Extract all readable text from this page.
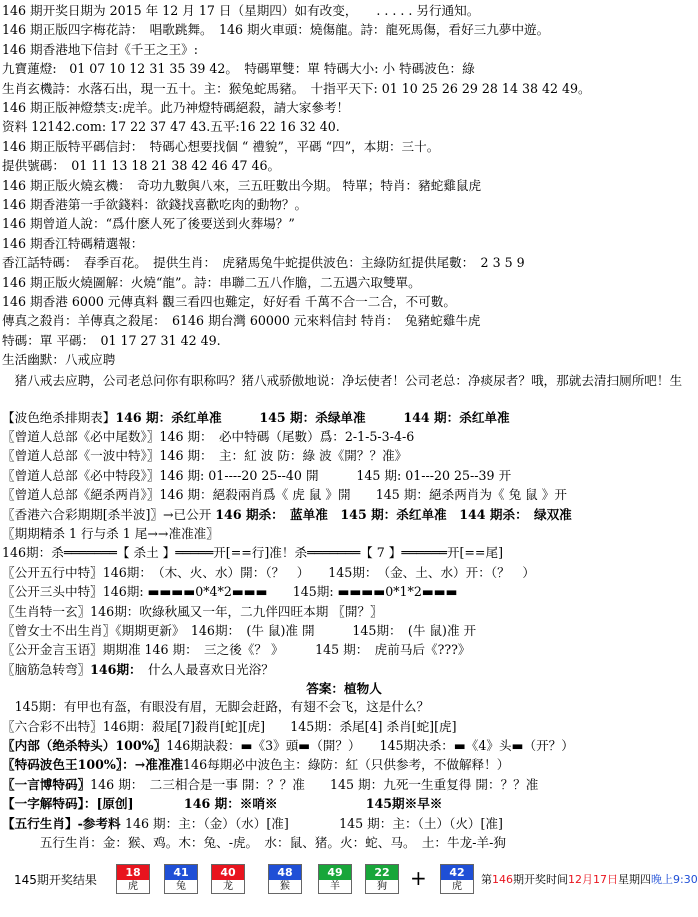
146 期开奖日期为 2015 年 12 月 17 日（星期四）如有改变，　　. . . . . 另行通知。
146 期正版四字梅花詩：　唱歌跳舞。　146 期火車頭：燒傷龍。詩：龍死馬傷，看好三九夢中遊。
146 期香港地下信封《千王之王》:
九寶蓮燈:　01 07 10 12 31 35 39 42。　特碼單雙：單 特碼大小: 小 特碼波色：綠
生肖玄機詩：水落石出，現一五十。主：猴兔蛇馬豬。　十指平天下: 01 10 25 26 29 28 14 38 42 49。
146 期正版神燈禁支:虎羊。此乃神燈特碼絕殺，請大家參考！
资料 12142.com: 17 22 37 47 43.五平:16 22 16 32 40.
146 期正版特平碼信封：　特碼心想要找個 “ 禮貌”，平碼 “四”，本期：三十。
提供號碼：　01 11 13 18 21 38 42 46 47 46。
146 期正版火燒玄機：　奇功九數與八來，三五旺數出今期。 特單；特肖：豬蛇雞鼠虎
146 期香港第一手欲錢料：欲錢找喜歡吃肉的動物？。
146 期曾道人說：“爲什麽人死了後要送到火葬場？”
146 期香江特碼精選報：
香江話特碼：　春季百花。　提供生肖：　虎豬馬兔牛蛇提供波色：主綠防紅提供尾數：　2 3 5 9
146 期正版火燒圖解：火燒“龍”。詩：串聯二五八作膽，二五遇六取雙單。
146 期香港 6000 元傳真料 觀三看四也難定，好好看 千萬不合一二合，不可數。
傳真之殺肖：羊傳真之殺尾：　6146 期台灣 60000 元來料信封 特肖：　兔豬蛇雞牛虎
特碼：單 平碼：　01 17 27 31 42 49.
生活幽默：八戒应聘
　猪八戒去应聘，公司老总问你有职称吗？猪八戒骄傲地说：净坛使者！公司老总：净痰尿者？哦，那就去清扫厕所吧！生
【波色绝杀排期表】146 期：杀红单准　　　145 期：杀绿单准　　　144 期：杀红单准
〖曾道人总部《必中尾数》〗146 期：　必中特碼（尾數）爲：2-1-5-3-4-6
〖曾道人总部《一波中特》〗146 期：　主：紅 波 防：綠 波《開？？准》
〖曾道人总部《必中特段》〗146 期: 01----20 25--40 開　　　145 期: 01---20 25--39 开
〖曾道人总部《絕杀两肖》〗146 期：絕殺兩肖爲《 虎 鼠 》開　　145 期：絕杀两肖为《 兔 鼠 》开
〖香港六合彩期期[杀半波]〗→已公开 146 期杀：　蓝单准　145 期：杀红单准　144 期杀：　绿双准
〖期期精杀 1 行与杀 1 尾→→准准准〗
146期：杀═══════【 杀土 】═════开[==行]准！杀═══════【 7 】══════开[==尾]
〖公开五行中特〗146期：　（木、火、水）開：（？　）　　145期：　（金、土、水）开：（？　）
〖公开三头中特〗146期: ▬▬▬▬0*4*2▬▬▬　　145期: ▬▬▬▬0*1*2▬▬▬
〖生肖特一玄〗146期：吹綠秋風又一年，二九伴四旺本期 〖開？〗
〖曾女士不出生肖〗《期期更新》　146期：　(牛 鼠)准 開　　　145期：　(牛 鼠)准 开
〖公开金言玉语〗期期准 146 期：　三之後《？ 》　　　145 期：　虎前马后《???》
〖脑筋急转弯〗146期：　什么人最喜欢日光浴？
答案：植物人
　145期：有甲也有盔，有眼没有眉，无脚会赶路，有翅不会飞，这是什么？
〖六合彩不出特〗146期：殺尾[7]殺肖[蛇][虎]　　145期：杀尾[4] 杀肖[蛇][虎]
〖内部（绝杀特头）100%〗146期訣殺：▬《3》頭▬（開？）　　145期决杀：▬《4》头▬（开？）
〖特码波色王100%〗：→准准准146每期必中波色主：綠防：紅（只供参考，不做解释！）
〖一言博特码〗146 期：　二三相合是一事 開：？？准　　145 期：九死一生重复得 開：？？准
【一字解特码】：[原创]　　　　146 期：※哨※　　　　　　　145期※早※
【五行生肖】-参考料 146 期：主：（金）（水）[准]　　　　145 期：主：（土）（火）[准]
　　　五行生肖：金：猴、鸡。木：兔、-虎。　水：鼠、猪。火：蛇、马。　土：牛龙-羊-狗
145期开奖结果
18
虎
41
兔
40
龙
48
猴
49
羊
22
狗
42
虎
+	第146期开奖时间12月17日星期四晚上9:30
